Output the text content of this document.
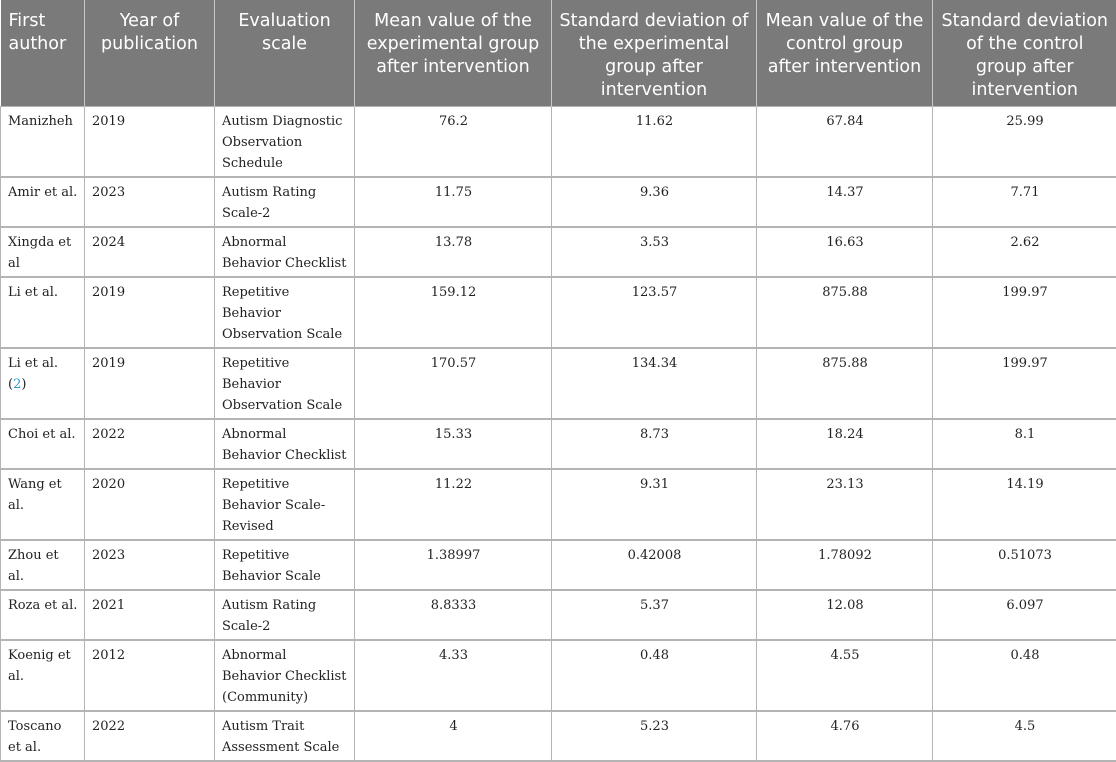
First author	Year of publication	Evaluation scale	Mean value of the experimental group after intervention	Standard deviation of the experimental group after intervention	Mean value of the control group after intervention	Standard deviation of the control group after intervention
Manizheh	2019	Autism Diagnostic Observation Schedule	76.2	11.62	67.84	25.99
Amir et al.	2023	Autism Rating Scale-2	11.75	9.36	14.37	7.71
Xingda et al	2024	Abnormal Behavior Checklist	13.78	3.53	16.63	2.62
Li et al.	2019	Repetitive Behavior Observation Scale	159.12	123.57	875.88	199.97
Li et al. (2)	2019	Repetitive Behavior Observation Scale	170.57	134.34	875.88	199.97
Choi et al.	2022	Abnormal Behavior Checklist	15.33	8.73	18.24	8.1
Wang et al.	2020	Repetitive Behavior Scale-Revised	11.22	9.31	23.13	14.19
Zhou et al.	2023	Repetitive Behavior Scale	1.38997	0.42008	1.78092	0.51073
Roza et al.	2021	Autism Rating Scale-2	8.8333	5.37	12.08	6.097
Koenig et al.	2012	Abnormal Behavior Checklist (Community)	4.33	0.48	4.55	0.48
Toscano et al.	2022	Autism Trait Assessment Scale	4	5.23	4.76	4.5
